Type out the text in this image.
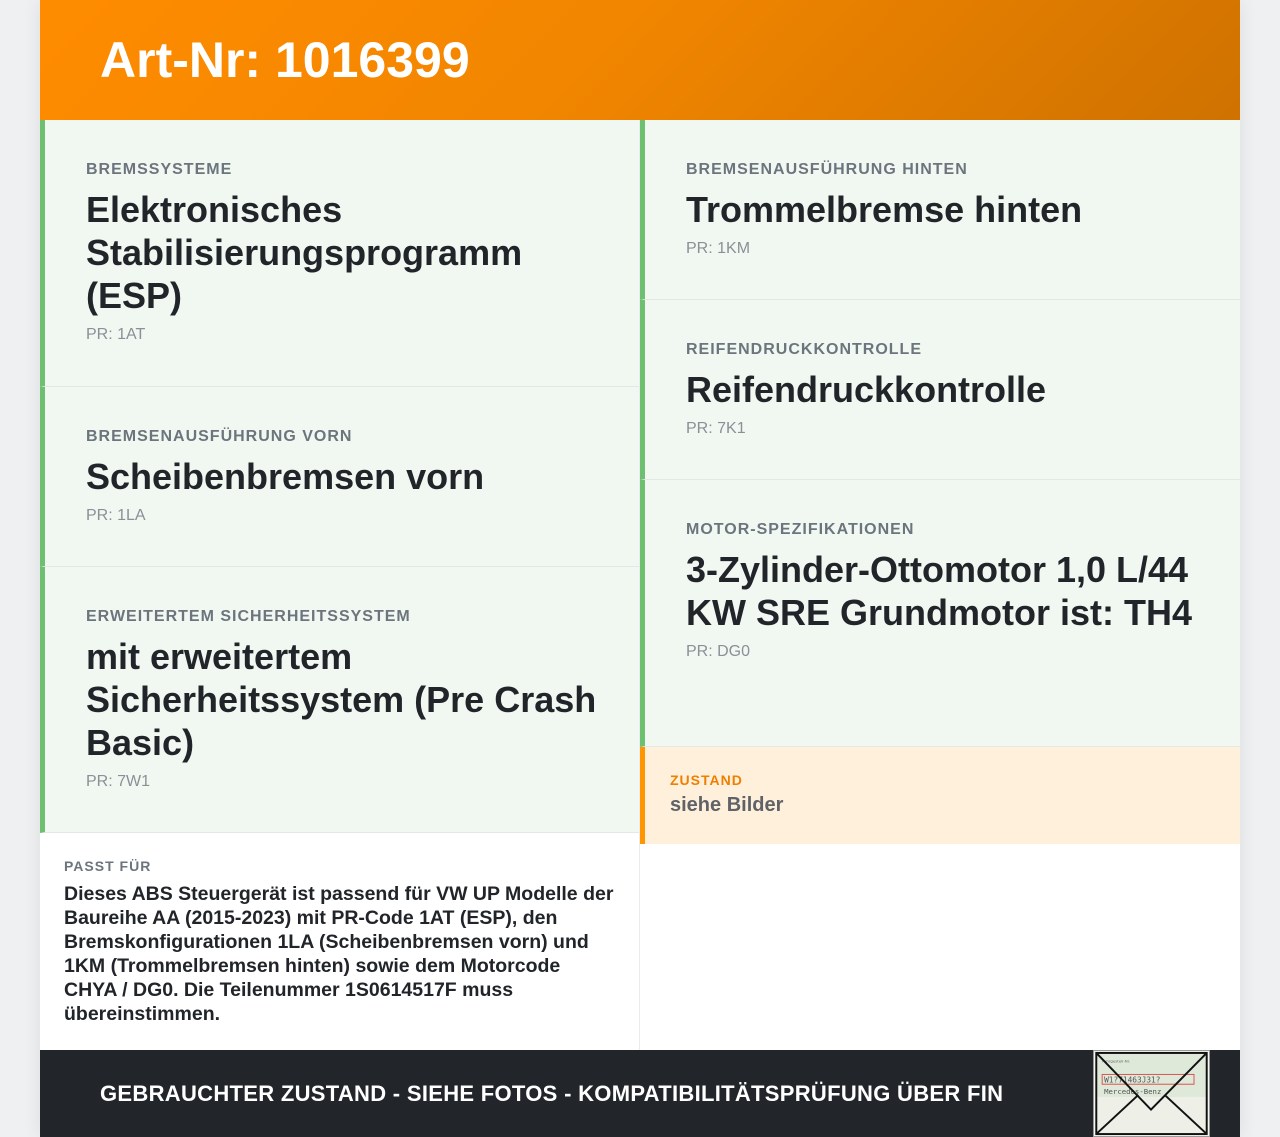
Art-Nr: 1016399
BREMSSYSTEME
Elektronisches Stabilisierungsprogramm (ESP)
PR: 1AT
BREMSENAUSFÜHRUNG VORN
Scheibenbremsen vorn
PR: 1LA
ERWEITERTEM SICHERHEITSSYSTEM
mit erweitertem Sicherheitssystem (Pre Crash Basic)
PR: 7W1
PASST FÜR
Dieses ABS Steuergerät ist passend für VW UP Modelle der Baureihe AA (2015-2023) mit PR-Code 1AT (ESP), den Bremskonfigurationen 1LA (Scheibenbremsen vorn) und 1KM (Trommelbremsen hinten) sowie dem Motorcode CHYA / DG0. Die Teilenummer 1S0614517F muss übereinstimmen.
BREMSENAUSFÜHRUNG HINTEN
Trommelbremse hinten
PR: 1KM
REIFENDRUCKKONTROLLE
Reifendruckkontrolle
PR: 7K1
MOTOR-SPEZIFIKATIONEN
3-Zylinder-Ottomotor 1,0 L/44 KW SRE Grundmotor ist: TH4
PR: DG0
ZUSTAND
siehe Bilder
GEBRAUCHTER ZUSTAND - SIEHE FOTOS - KOMPATIBILITÄTSPRÜFUNG ÜBER FIN
Fahrgestell-Nr.
W1?71463J31?
Mercedes-Benz
